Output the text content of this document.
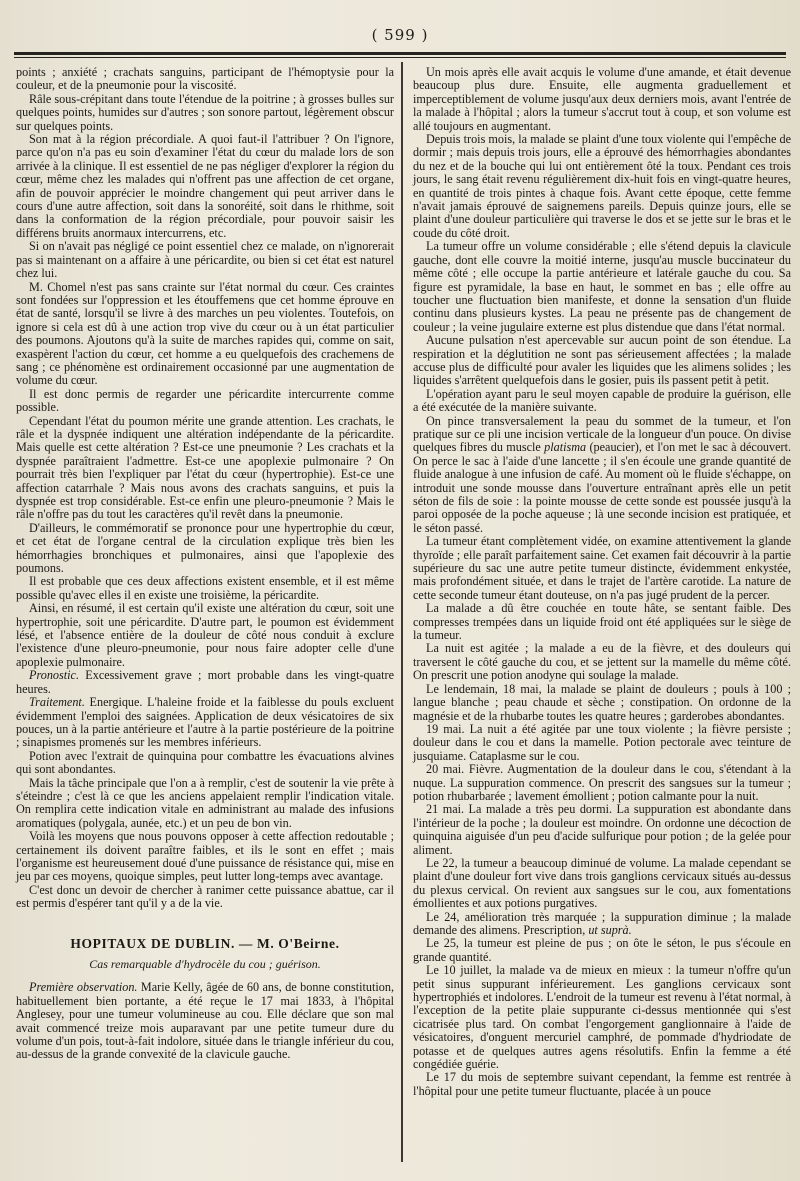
( 599 )

points ; anxiété ; crachats sanguins, participant de l'hémoptysie pour la couleur, et de la pneumonie pour la viscosité.

Râle sous-crépitant dans toute l'étendue de la poitrine ; à grosses bulles sur quelques points, humides sur d'autres ; son sonore partout, légèrement obscur sur quelques points.

Son mat à la région précordiale. A quoi faut-il l'attribuer ? On l'ignore, parce qu'on n'a pas eu soin d'examiner l'état du cœur du malade lors de son arrivée à la clinique. Il est essentiel de ne pas négliger d'explorer la région du cœur, même chez les malades qui n'offrent pas une affection de cet organe, afin de pouvoir apprécier le moindre changement qui peut arriver dans le cours d'une autre affection, soit dans la sonoréité, soit dans le rhithme, soit dans la conformation de la région précordiale, pour pouvoir saisir les différens bruits anormaux intercurrens, etc.

Si on n'avait pas négligé ce point essentiel chez ce malade, on n'ignorerait pas si maintenant on a affaire à une péricardite, ou bien si cet état est naturel chez lui.

M. Chomel n'est pas sans crainte sur l'état normal du cœur. Ces craintes sont fondées sur l'oppression et les étouffemens que cet homme éprouve en état de santé, lorsqu'il se livre à des marches un peu violentes. Toutefois, on ignore si cela est dû à une action trop vive du cœur ou à un état particulier des poumons. Ajoutons qu'à la suite de marches rapides qui, comme on sait, exaspèrent l'action du cœur, cet homme a eu quelquefois des crachemens de sang ; ce phénomène est ordinairement occasionné par une augmentation de volume du cœur.

Il est donc permis de regarder une péricardite intercurrente comme possible.

Cependant l'état du poumon mérite une grande attention. Les crachats, le râle et la dyspnée indiquent une altération indépendante de la péricardite. Mais quelle est cette altération ? Est-ce une pneumonie ? Les crachats et la dyspnée paraîtraient l'admettre. Est-ce une apoplexie pulmonaire ? On pourrait très bien l'expliquer par l'état du cœur (hypertrophie). Est-ce une affection catarrhale ? Mais nous avons des crachats sanguins, et puis la dyspnée est trop considérable. Est-ce enfin une pleuro-pneumonie ? Mais le râle n'offre pas du tout les caractères qu'il revêt dans la pneumonie.

D'ailleurs, le commémoratif se prononce pour une hypertrophie du cœur, et cet état de l'organe central de la circulation explique très bien les hémorrhagies bronchiques et pulmonaires, ainsi que l'apoplexie des poumons.

Il est probable que ces deux affections existent ensemble, et il est même possible qu'avec elles il en existe une troisième, la péricardite.

Ainsi, en résumé, il est certain qu'il existe une altération du cœur, soit une hypertrophie, soit une péricardite. D'autre part, le poumon est évidemment lésé, et l'absence entière de la douleur de côté nous conduit à exclure l'existence d'une pleuro-pneumonie, pour nous faire adopter celle d'une apoplexie pulmonaire.

Pronostic. Excessivement grave ; mort probable dans les vingt-quatre heures.

Traitement. Energique. L'haleine froide et la faiblesse du pouls excluent évidemment l'emploi des saignées. Application de deux vésicatoires de six pouces, un à la partie antérieure et l'autre à la partie postérieure de la poitrine ; sinapismes promenés sur les membres inférieurs.

Potion avec l'extrait de quinquina pour combattre les évacuations alvines qui sont abondantes.

Mais la tâche principale que l'on a à remplir, c'est de soutenir la vie prête à s'éteindre ; c'est là ce que les anciens appelaient remplir l'indication vitale. On remplira cette indication vitale en administrant au malade des infusions aromatiques (polygala, aunée, etc.) et un peu de bon vin.

Voilà les moyens que nous pouvons opposer à cette affection redoutable ; certainement ils doivent paraître faibles, et ils le sont en effet ; mais l'organisme est heureusement doué d'une puissance de résistance qui, mise en jeu par ces moyens, quoique simples, peut lutter long-temps avec avantage.

C'est donc un devoir de chercher à ranimer cette puissance abattue, car il est permis d'espérer tant qu'il y a de la vie.

HOPITAUX DE DUBLIN. — M. O'Beirne.

Cas remarquable d'hydrocèle du cou ; guérison.

Première observation. Marie Kelly, âgée de 60 ans, de bonne constitution, habituellement bien portante, a été reçue le 17 mai 1833, à l'hôpital Anglesey, pour une tumeur volumineuse au cou. Elle déclare que son mal avait commencé treize mois auparavant par une petite tumeur dure du volume d'un pois, tout-à-fait indolore, située dans le triangle inférieur du cou, au-dessus de la grande convexité de la clavicule gauche.

Un mois après elle avait acquis le volume d'une amande, et était devenue beaucoup plus dure. Ensuite, elle augmenta graduellement et imperceptiblement de volume jusqu'aux deux derniers mois, avant l'entrée de la malade à l'hôpital ; alors la tumeur s'accrut tout à coup, et son volume est allé toujours en augmentant.

Depuis trois mois, la malade se plaint d'une toux violente qui l'empêche de dormir ; mais depuis trois jours, elle a éprouvé des hémorrhagies abondantes du nez et de la bouche qui lui ont entièrement ôté la toux. Pendant ces trois jours, le sang était revenu régulièrement dix-huit fois en vingt-quatre heures, en quantité de trois pintes à chaque fois. Avant cette époque, cette femme n'avait jamais éprouvé de saignemens pareils. Depuis quinze jours, elle se plaint d'une douleur particulière qui traverse le dos et se jette sur le bras et le coude du côté droit.

La tumeur offre un volume considérable ; elle s'étend depuis la clavicule gauche, dont elle couvre la moitié interne, jusqu'au muscle buccinateur du même côté ; elle occupe la partie antérieure et latérale gauche du cou. Sa figure est pyramidale, la base en haut, le sommet en bas ; elle offre au toucher une fluctuation bien manifeste, et donne la sensation d'un fluide continu dans plusieurs kystes. La peau ne présente pas de changement de couleur ; la veine jugulaire externe est plus distendue que dans l'état normal.

Aucune pulsation n'est apercevable sur aucun point de son étendue. La respiration et la déglutition ne sont pas sérieusement affectées ; la malade accuse plus de difficulté pour avaler les liquides que les alimens solides ; les liquides s'arrêtent quelquefois dans le gosier, puis ils passent petit à petit.

L'opération ayant paru le seul moyen capable de produire la guérison, elle a été exécutée de la manière suivante.

On pince transversalement la peau du sommet de la tumeur, et l'on pratique sur ce pli une incision verticale de la longueur d'un pouce. On divise quelques fibres du muscle platisma (peaucier), et l'on met le sac à découvert. On perce le sac à l'aide d'une lancette ; il s'en écoule une grande quantité de fluide analogue à une infusion de café. Au moment où le fluide s'échappe, on introduit une sonde mousse dans l'ouverture entraînant après elle un petit séton de fils de soie : la pointe mousse de cette sonde est poussée jusqu'à la paroi opposée de la poche aqueuse ; là une seconde incision est pratiquée, et le séton passé.

La tumeur étant complètement vidée, on examine attentivement la glande thyroïde ; elle paraît parfaitement saine. Cet examen fait découvrir à la partie supérieure du sac une autre petite tumeur distincte, évidemment enkystée, mais profondément située, et dans le trajet de l'artère carotide. La nature de cette seconde tumeur étant douteuse, on n'a pas jugé prudent de la percer.

La malade a dû être couchée en toute hâte, se sentant faible. Des compresses trempées dans un liquide froid ont été appliquées sur le siège de la tumeur.

La nuit est agitée ; la malade a eu de la fièvre, et des douleurs qui traversent le côté gauche du cou, et se jettent sur la mamelle du même côté. On prescrit une potion anodyne qui soulage la malade.

Le lendemain, 18 mai, la malade se plaint de douleurs ; pouls à 100 ; langue blanche ; peau chaude et sèche ; constipation. On ordonne de la magnésie et de la rhubarbe toutes les quatre heures ; garderobes abondantes.

19 mai. La nuit a été agitée par une toux violente ; la fièvre persiste ; douleur dans le cou et dans la mamelle. Potion pectorale avec teinture de jusquiame. Cataplasme sur le cou.

20 mai. Fièvre. Augmentation de la douleur dans le cou, s'étendant à la nuque. La suppuration commence. On prescrit des sangsues sur la tumeur ; potion rhubarbarée ; lavement émollient ; potion calmante pour la nuit.

21 mai. La malade a très peu dormi. La suppuration est abondante dans l'intérieur de la poche ; la douleur est moindre. On ordonne une décoction de quinquina aiguisée d'un peu d'acide sulfurique pour potion ; de la gelée pour aliment.

Le 22, la tumeur a beaucoup diminué de volume. La malade cependant se plaint d'une douleur fort vive dans trois ganglions cervicaux situés au-dessus du plexus cervical. On revient aux sangsues sur le cou, aux fomentations émollientes et aux potions purgatives.

Le 24, amélioration très marquée ; la suppuration diminue ; la malade demande des alimens. Prescription, ut suprà.

Le 25, la tumeur est pleine de pus ; on ôte le séton, le pus s'écoule en grande quantité.

Le 10 juillet, la malade va de mieux en mieux : la tumeur n'offre qu'un petit sinus suppurant inférieurement. Les ganglions cervicaux sont hypertrophiés et indolores. L'endroit de la tumeur est revenu à l'état normal, à l'exception de la petite plaie suppurante ci-dessus mentionnée qui s'est cicatrisée plus tard. On combat l'engorgement ganglionnaire à l'aide de vésicatoires, d'onguent mercuriel camphré, de pommade d'hydriodate de potasse et de quelques autres agens résolutifs. Enfin la femme a été congédiée guérie.

Le 17 du mois de septembre suivant cependant, la femme est rentrée à l'hôpital pour une petite tumeur fluctuante, placée à un pouce
